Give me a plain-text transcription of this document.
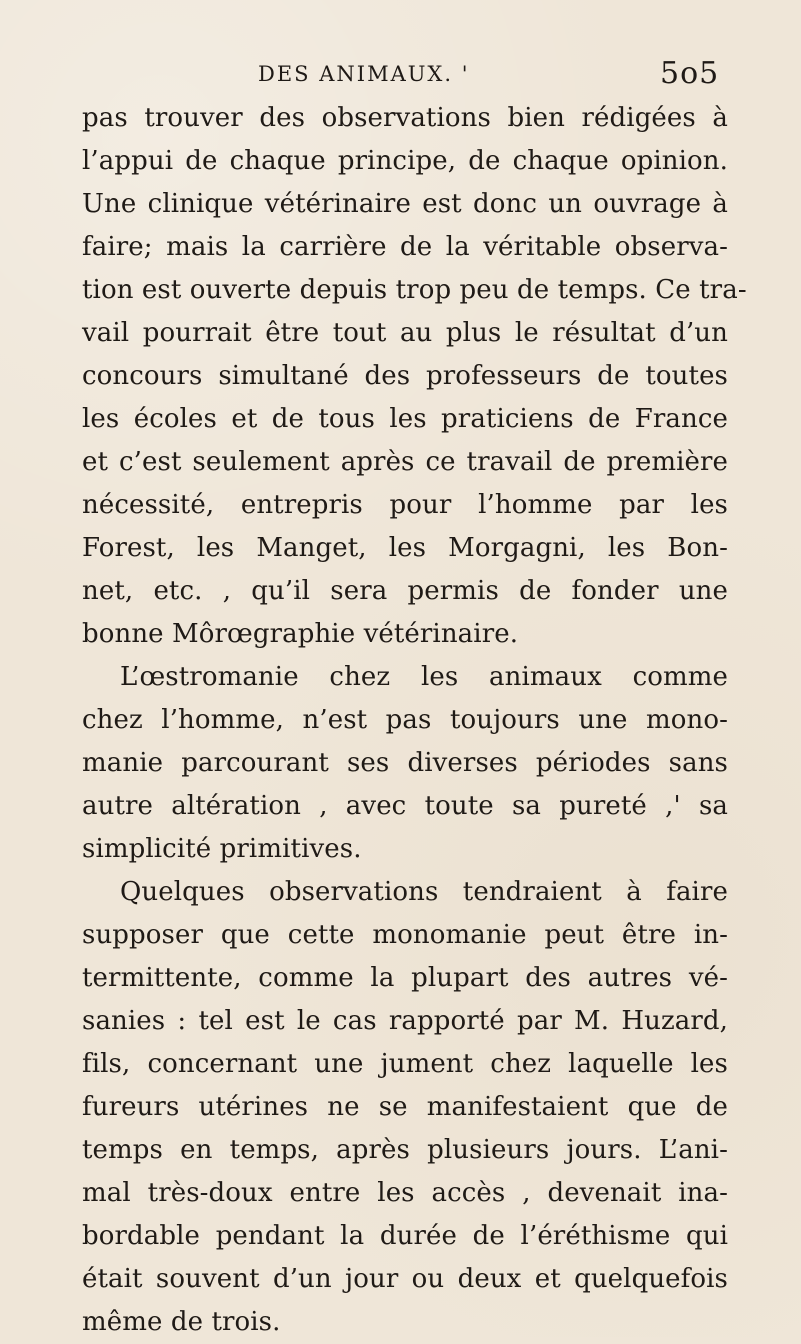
DES ANIMAUX. '	5o5
pas trouver des observations bien rédigées à
l’appui de chaque principe, de chaque opinion.
Une clinique vétérinaire est donc un ouvrage à
faire; mais la carrière de la véritable observa-
tion est ouverte depuis trop peu de temps. Ce tra-
vail pourrait être tout au plus le résultat d’un
concours simultané des professeurs de toutes
les écoles et de tous les praticiens de France
et c’est seulement après ce travail de première
nécessité, entrepris pour l’homme par les
Forest, les Manget, les Morgagni, les Bon-
net, etc. , qu’il sera permis de fonder une
bonne Môrœgraphie vétérinaire.
L’œstromanie chez les animaux comme
chez l’homme, n’est pas toujours une mono-
manie parcourant ses diverses périodes sans
autre altération , avec toute sa pureté ,' sa
simplicité primitives.
Quelques observations tendraient à faire
supposer que cette monomanie peut être in-
termittente, comme la plupart des autres vé-
sanies : tel est le cas rapporté par M. Huzard,
fils, concernant une jument chez laquelle les
fureurs utérines ne se manifestaient que de
temps en temps, après plusieurs jours. L’ani-
mal très-doux entre les accès , devenait ina-
bordable pendant la durée de l’éréthisme qui
était souvent d’un jour ou deux et quelquefois
même de trois.
